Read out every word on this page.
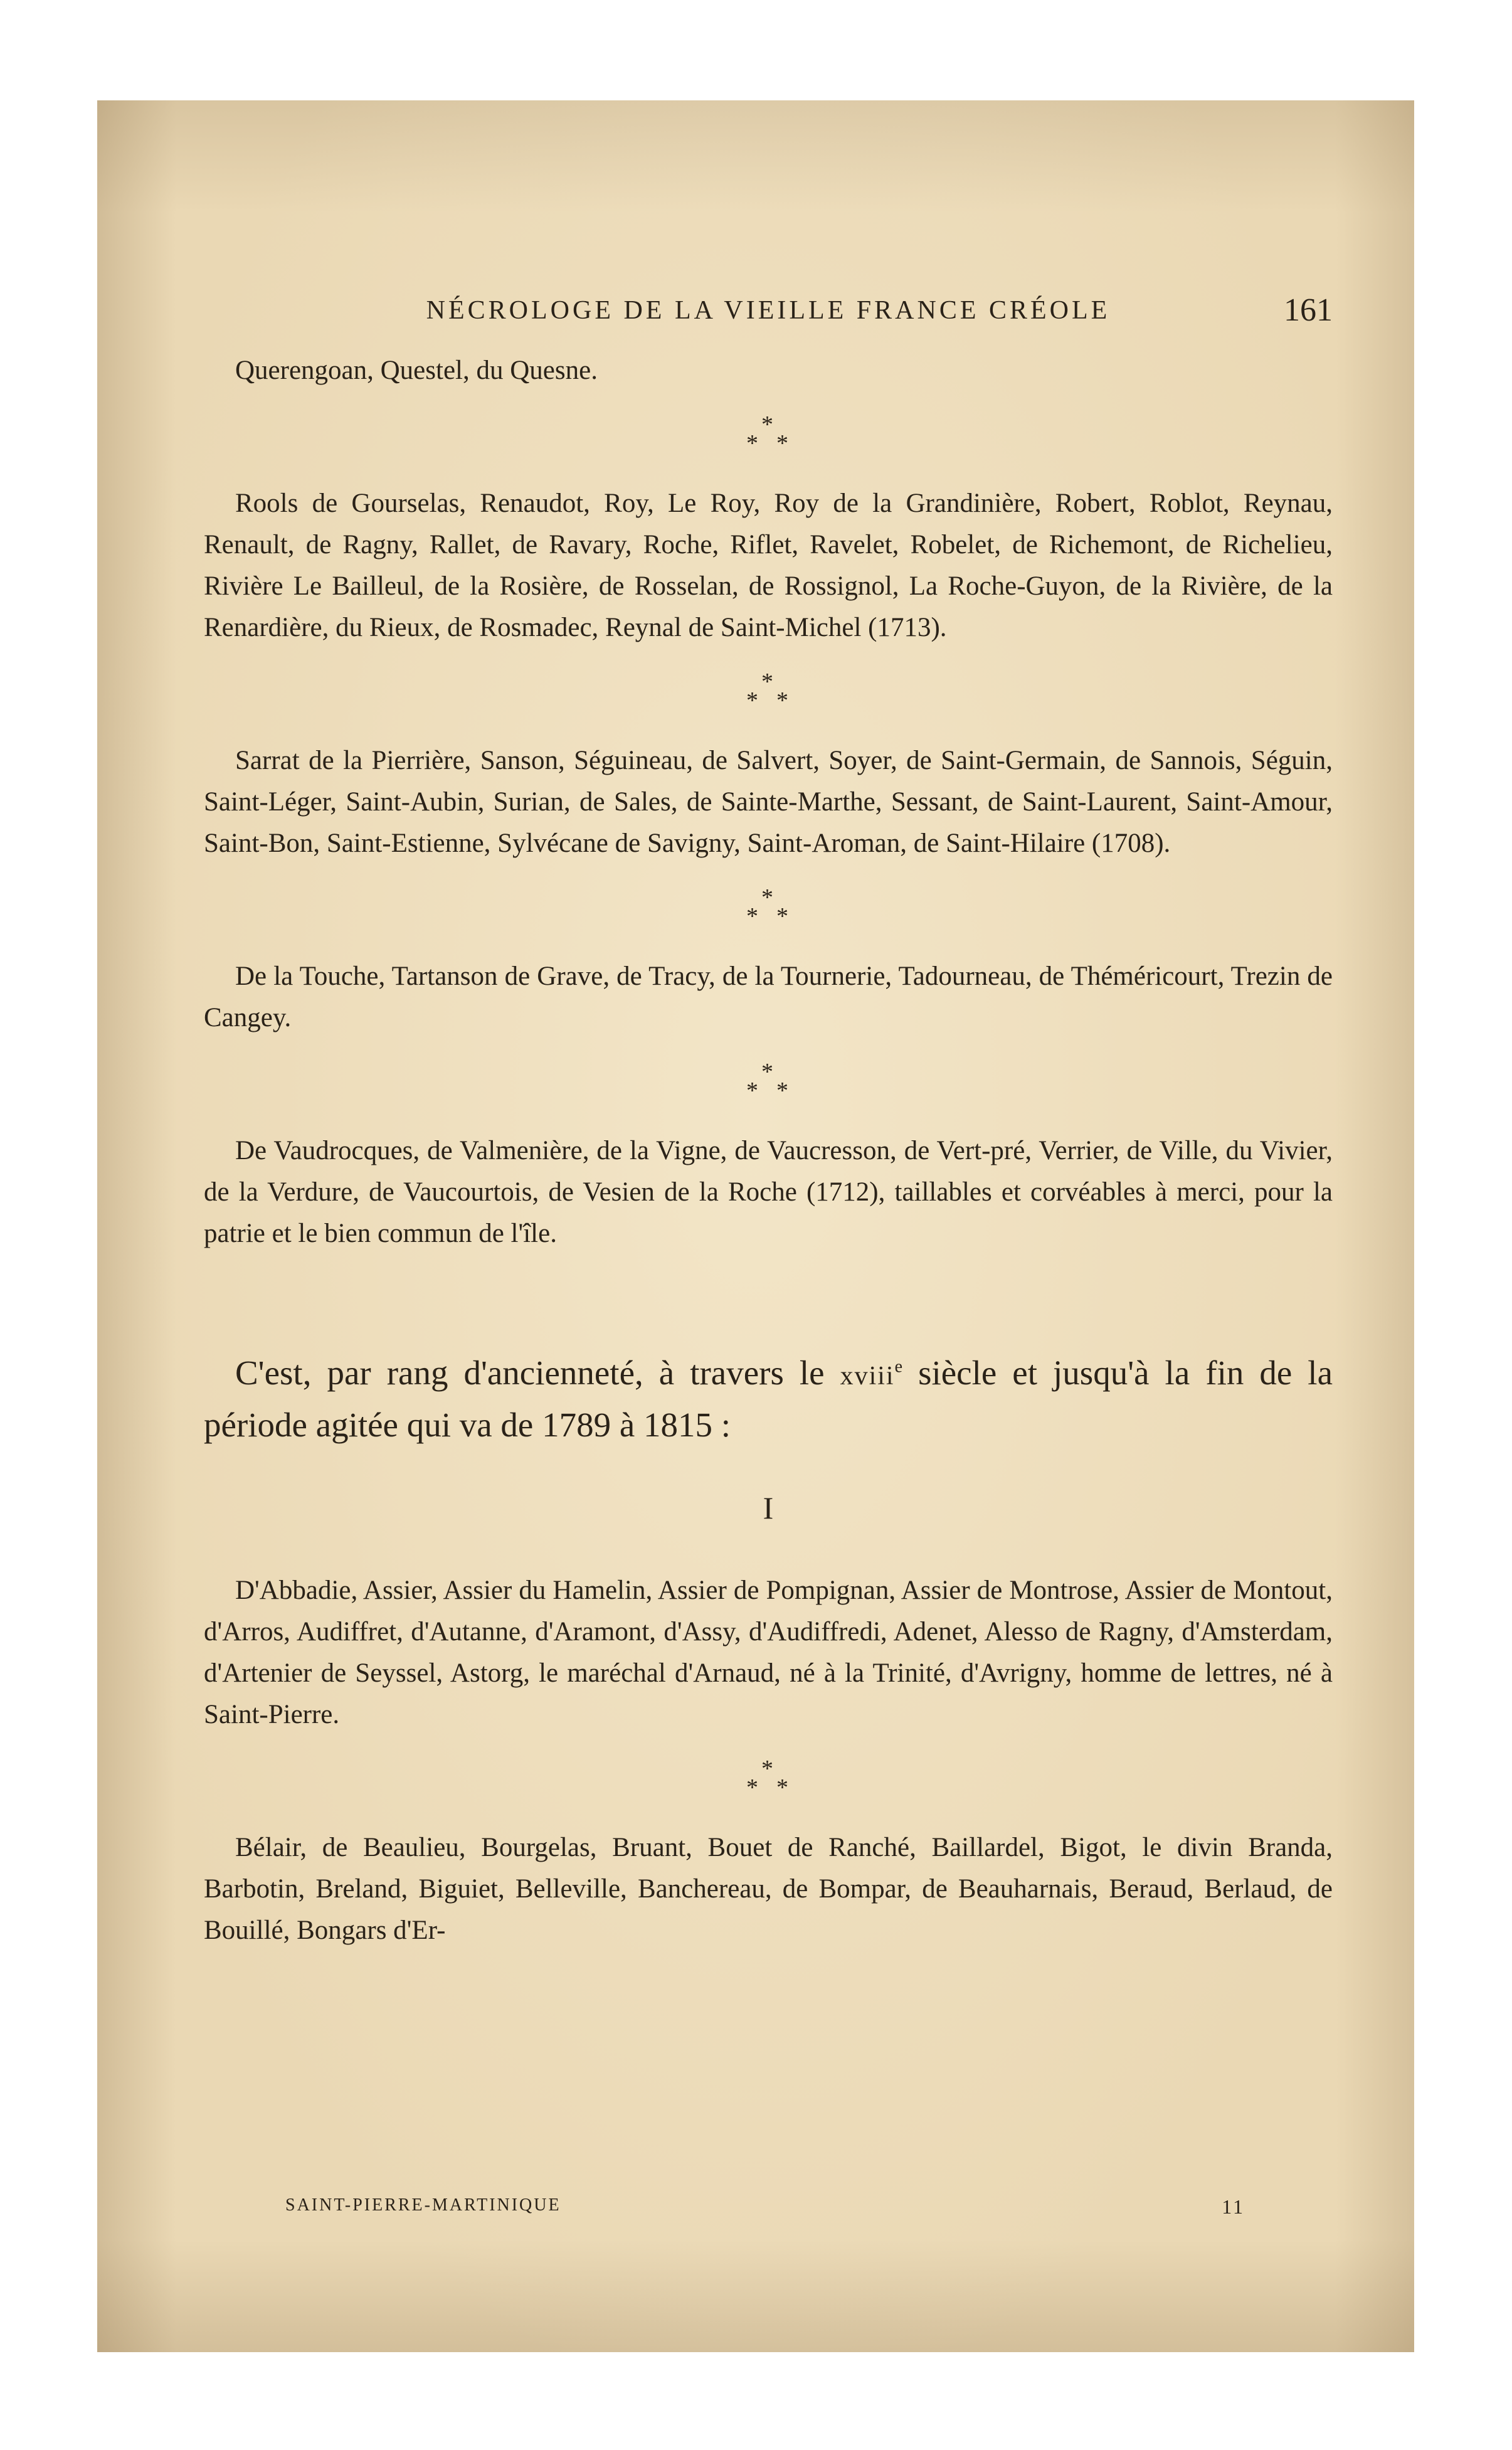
NÉCROLOGE DE LA VIEILLE FRANCE CRÉOLE	161

Querengoan, Questel, du Quesne.

*
* *

Rools de Gourselas, Renaudot, Roy, Le Roy, Roy de la Grandinière, Robert, Roblot, Reynau, Renault, de Ragny, Rallet, de Ravary, Roche, Riflet, Ravelet, Robelet, de Richemont, de Richelieu, Rivière Le Bailleul, de la Rosière, de Rosselan, de Rossignol, La Roche-Guyon, de la Rivière, de la Renardière, du Rieux, de Rosmadec, Reynal de Saint-Michel (1713).

*
* *

Sarrat de la Pierrière, Sanson, Séguineau, de Salvert, Soyer, de Saint-Germain, de Sannois, Séguin, Saint-Léger, Saint-Aubin, Surian, de Sales, de Sainte-Marthe, Sessant, de Saint-Laurent, Saint-Amour, Saint-Bon, Saint-Estienne, Sylvécane de Savigny, Saint-Aroman, de Saint-Hilaire (1708).

*
* *

De la Touche, Tartanson de Grave, de Tracy, de la Tournerie, Tadourneau, de Théméricourt, Trezin de Cangey.

*
* *

De Vaudrocques, de Valmenière, de la Vigne, de Vaucresson, de Vert-pré, Verrier, de Ville, du Vivier, de la Verdure, de Vaucourtois, de Vesien de la Roche (1712), taillables et corvéables à merci, pour la patrie et le bien commun de l'île.

C'est, par rang d'ancienneté, à travers le xviii$^e$ siècle et jusqu'à la fin de la période agitée qui va de 1789 à 1815 :

I

D'Abbadie, Assier, Assier du Hamelin, Assier de Pompignan, Assier de Montrose, Assier de Montout, d'Arros, Audiffret, d'Autanne, d'Aramont, d'Assy, d'Audiffredi, Adenet, Alesso de Ragny, d'Amsterdam, d'Artenier de Seyssel, Astorg, le maréchal d'Arnaud, né à la Trinité, d'Avrigny, homme de lettres, né à Saint-Pierre.

*
* *

Bélair, de Beaulieu, Bourgelas, Bruant, Bouet de Ranché, Baillardel, Bigot, le divin Branda, Barbotin, Breland, Biguiet, Belleville, Banchereau, de Bompar, de Beauharnais, Beraud, Berlaud, de Bouillé, Bongars d'Er-

SAINT-PIERRE-MARTINIQUE	11
